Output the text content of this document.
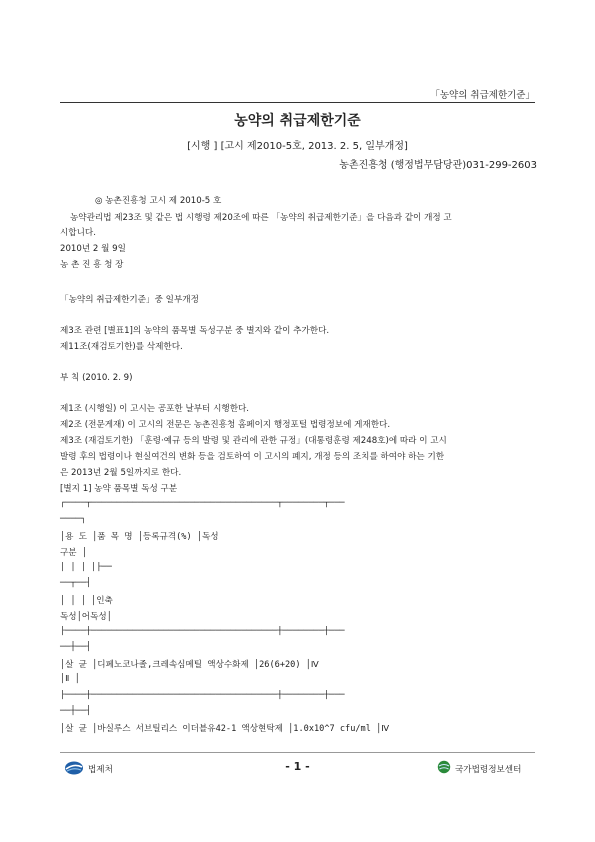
「농약의 취급제한기준」
농약의 취급제한기준
[시행 ] [고시 제2010-5호, 2013. 2. 5, 일부개정]
농촌진흥청 (행정법무담당관)031-299-2603
◎ 농촌진흥청 고시 제 2010-5 호
농약관리법 제23조 및 같은 법 시행령 제20조에 따른 「농약의 취급제한기준」을 다음과 같이 개정 고
시합니다.
2010년 2 월 9일
농 촌 진 흥 청 장
「농약의 취급제한기준」중 일부개정
제3조 관련 [별표1]의 농약의 품목별 독성구분 중 별지와 같이 추가한다.
제11조(재검토기한)를 삭제한다.
부 칙 (2010. 2. 9)
제1조 (시행일) 이 고시는 공포한 날부터 시행한다.
제2조 (전문게재) 이 고시의 전문은 농촌진흥청 홈페이지 행정포털 법령정보에 게재한다.
제3조 (재검토기한) 「훈령·예규 등의 발령 및 관리에 관한 규정」(대통령훈령 제248호)에 따라 이 고시
발령 후의 법령이나 현실여건의 변화 등을 검토하여 이 고시의 폐지, 개정 등의 조치를 하여야 하는 기한
은 2013년 2월 5일까지로 한다.
[별지 1] 농약 품목별 독성 구분
┌────┬────────────────────────────────────┬────────┬───
────┐
│용 도 │품 목 명 │등록규격(%) │독성
구분 │
│ │ │ │├──
──┬──┤
│ │ │ │인축
독성│어독성│
├────┼────────────────────────────────────┼────────┼───
──┼──┤
│살 균 │디페노코나졸,크레속심메틸 액상수화제 │26(6+20) │Ⅳ
│Ⅱ │
├────┼────────────────────────────────────┼────────┼───
──┼──┤
│살 균 │바실루스 서브틸리스 이더블유42-1 액상현탁제 │1.0x10^7 cfu/ml │Ⅳ
법제처	- 1 -	국가법령정보센터
